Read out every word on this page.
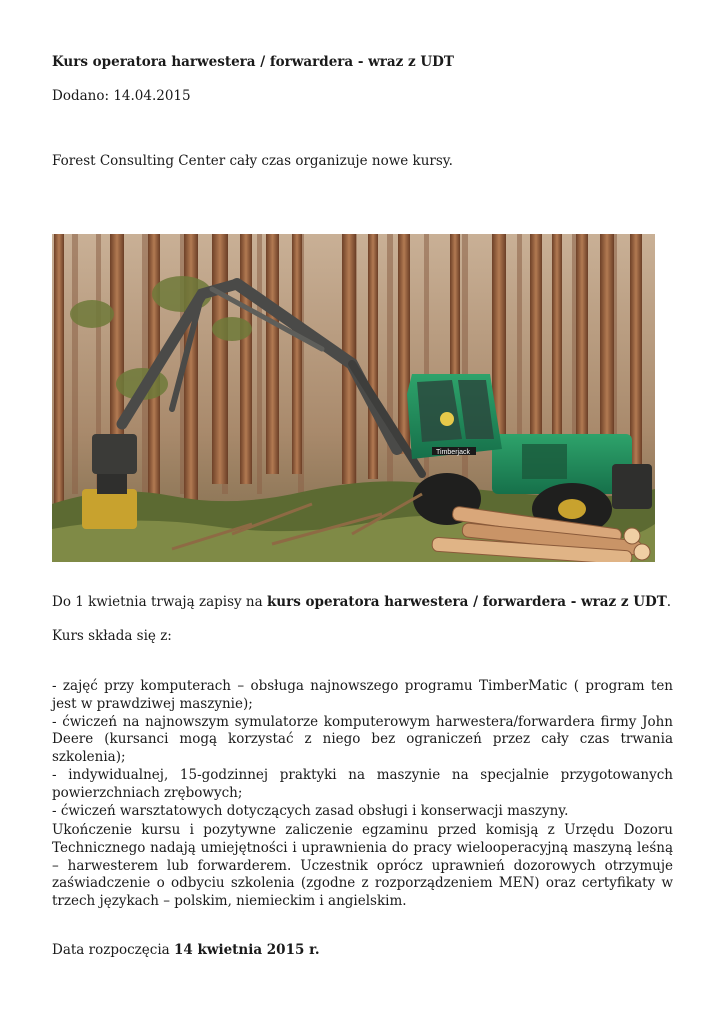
Kurs operatora harwestera / forwardera - wraz z UDT

Dodano: 14.04.2015

Forest Consulting Center cały czas organizuje nowe kursy.

Timberjack

Do 1 kwietnia trwają zapisy na kurs operatora harwestera / forwardera - wraz z UDT.

Kurs składa się z:

- zajęć przy komputerach – obsługa najnowszego programu TimberMatic ( program ten jest w prawdziwej maszynie);
- ćwiczeń na najnowszym symulatorze komputerowym harwestera/forwardera firmy John Deere (kursanci mogą korzystać z niego bez ograniczeń przez cały czas trwania szkolenia);
- indywidualnej, 15-godzinnej praktyki na maszynie na specjalnie przygotowanych powierzchniach zrębowych;
- ćwiczeń warsztatowych dotyczących zasad obsługi i konserwacji maszyny.

Ukończenie kursu i pozytywne zaliczenie egzaminu przed komisją z Urzędu Dozoru Technicznego nadają umiejętności i uprawnienia do pracy wielooperacyjną maszyną leśną – harwesterem lub forwarderem. Uczestnik oprócz uprawnień dozorowych otrzymuje zaświadczenie o odbyciu szkolenia (zgodne z rozporządzeniem MEN) oraz certyfikaty w trzech językach – polskim, niemieckim i angielskim.

Data rozpoczęcia 14 kwietnia 2015 r.
